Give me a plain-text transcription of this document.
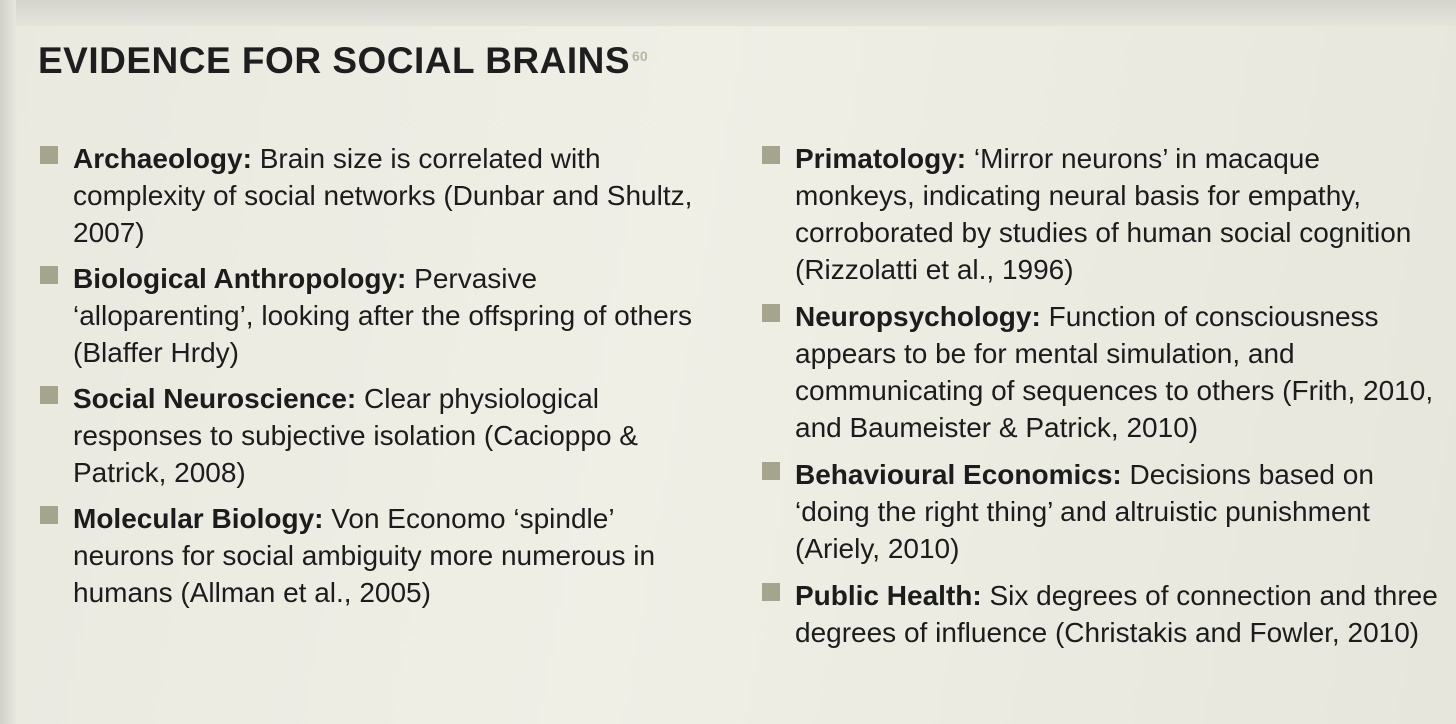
EVIDENCE FOR SOCIAL BRAINS $^{60}$

Archaeology: Brain size is correlated with complexity of social networks (Dunbar and Shultz, 2007)

Biological Anthropology: Pervasive ‘alloparenting’, looking after the offspring of others (Blaffer Hrdy)

Social Neuroscience: Clear physiological responses to subjective isolation (Cacioppo & Patrick, 2008)

Molecular Biology: Von Economo ‘spindle’ neurons for social ambiguity more numerous in humans (Allman et al., 2005)

Primatology: ‘Mirror neurons’ in macaque monkeys, indicating neural basis for empathy, corroborated by studies of human social cognition (Rizzolatti et al., 1996)

Neuropsychology: Function of consciousness appears to be for mental simulation, and communicating of sequences to others (Frith, 2010, and Baumeister & Patrick, 2010)

Behavioural Economics: Decisions based on ‘doing the right thing’ and altruistic punishment (Ariely, 2010)

Public Health: Six degrees of connection and three degrees of influence (Christakis and Fowler, 2010)
